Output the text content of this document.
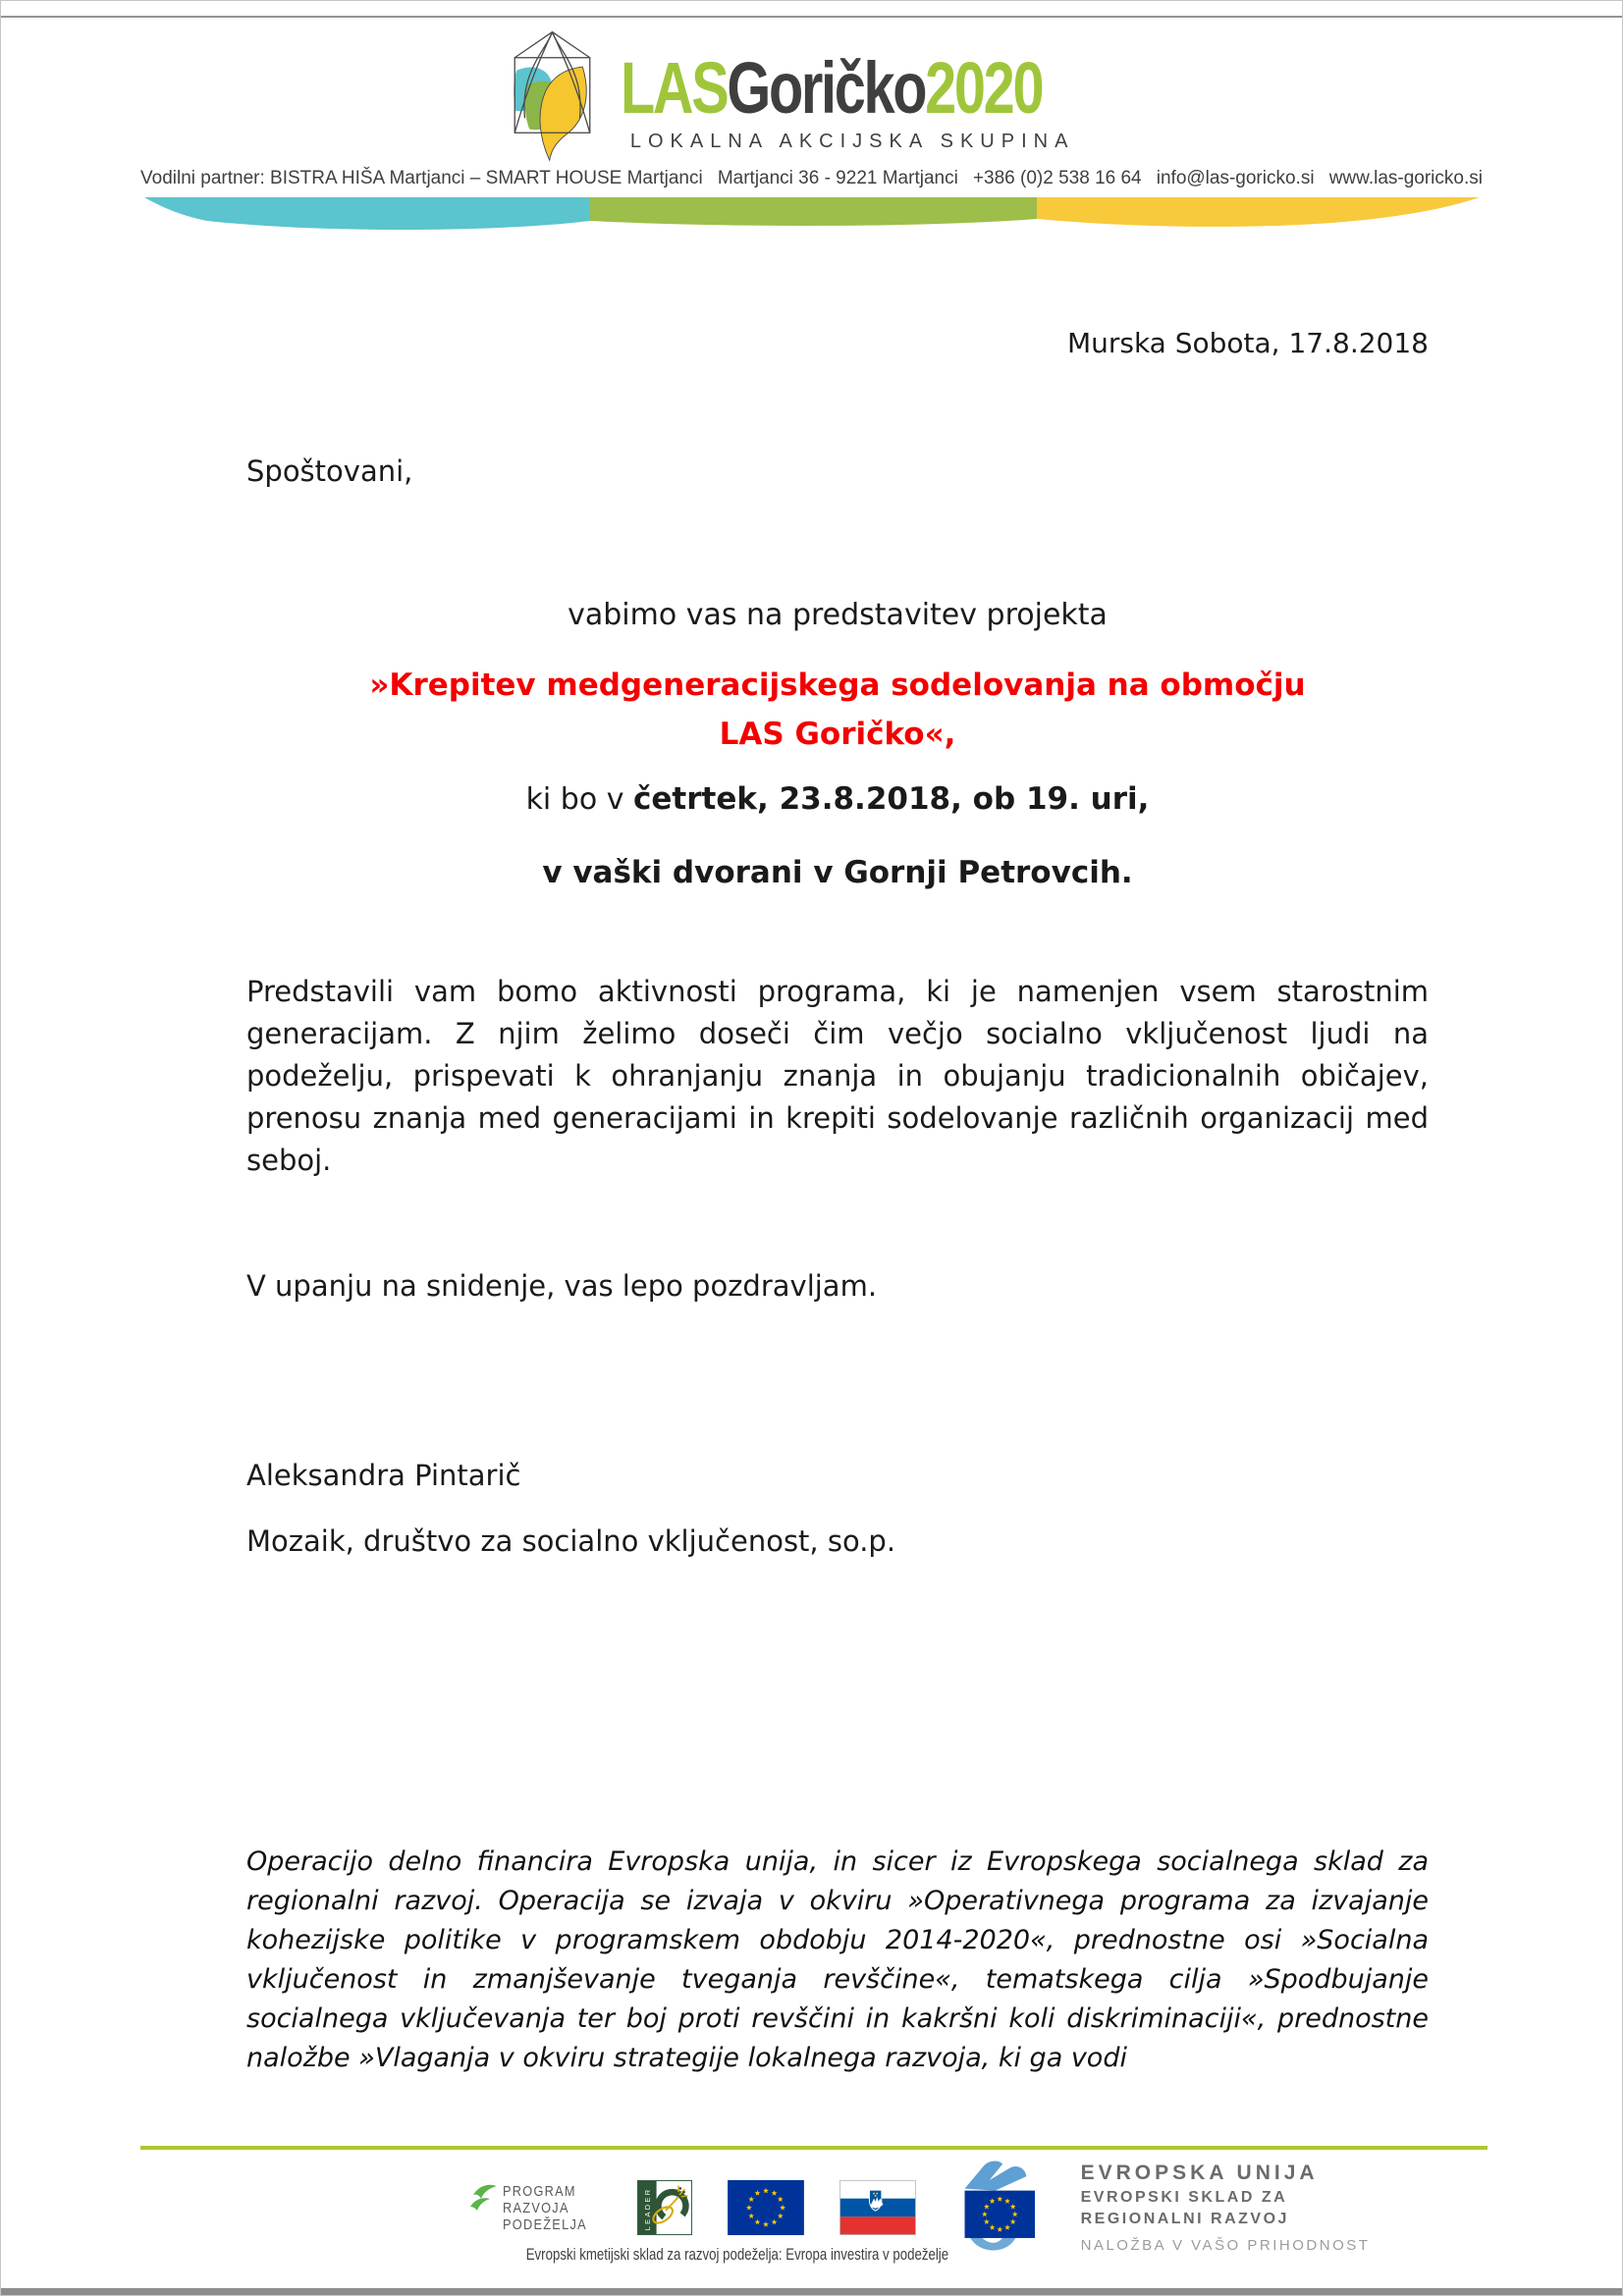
LASGoričko2020
LOKALNA AKCIJSKA SKUPINA
Vodilni partner: BISTRA HIŠA Martjanci – SMART HOUSE Martjanci Martjanci 36 - 9221 Martjanci +386 (0)2 538 16 64 info@las-goricko.si www.las-goricko.si

Murska Sobota, 17.8.2018

Spoštovani,

vabimo vas na predstavitev projekta

»Krepitev medgeneracijskega sodelovanja na območju
LAS Goričko«,

ki bo v četrtek, 23.8.2018, ob 19. uri,

v vaški dvorani v Gornji Petrovcih.

Predstavili vam bomo aktivnosti programa, ki je namenjen vsem starostnim generacijam. Z njim želimo doseči čim večjo socialno vključenost ljudi na podeželju, prispevati k ohranjanju znanja in obujanju tradicionalnih običajev, prenosu znanja med generacijami in krepiti sodelovanje različnih organizacij med seboj.

V upanju na snidenje, vas lepo pozdravljam.

Aleksandra Pintarič

Mozaik, društvo za socialno vključenost, so.p.

Operacijo delno financira Evropska unija, in sicer iz Evropskega socialnega sklad za regionalni razvoj. Operacija se izvaja v okviru »Operativnega programa za izvajanje kohezijske politike v programskem obdobju 2014-2020«, prednostne osi »Socialna vključenost in zmanjševanje tveganja revščine«, tematskega cilja »Spodbujanje socialnega vključevanja ter boj proti revščini in kakršni koli diskriminaciji«, prednostne naložbe »Vlaganja v okviru strategije lokalnega razvoja, ki ga vodi

PROGRAM
RAZVOJA
PODEŽELJA	LEADER
EVROPSKA UNIJA
EVROPSKI SKLAD ZA
REGIONALNI RAZVOJ
NALOŽBA V VAŠO PRIHODNOST
Evropski kmetijski sklad za razvoj podeželja: Evropa investira v podeželje
